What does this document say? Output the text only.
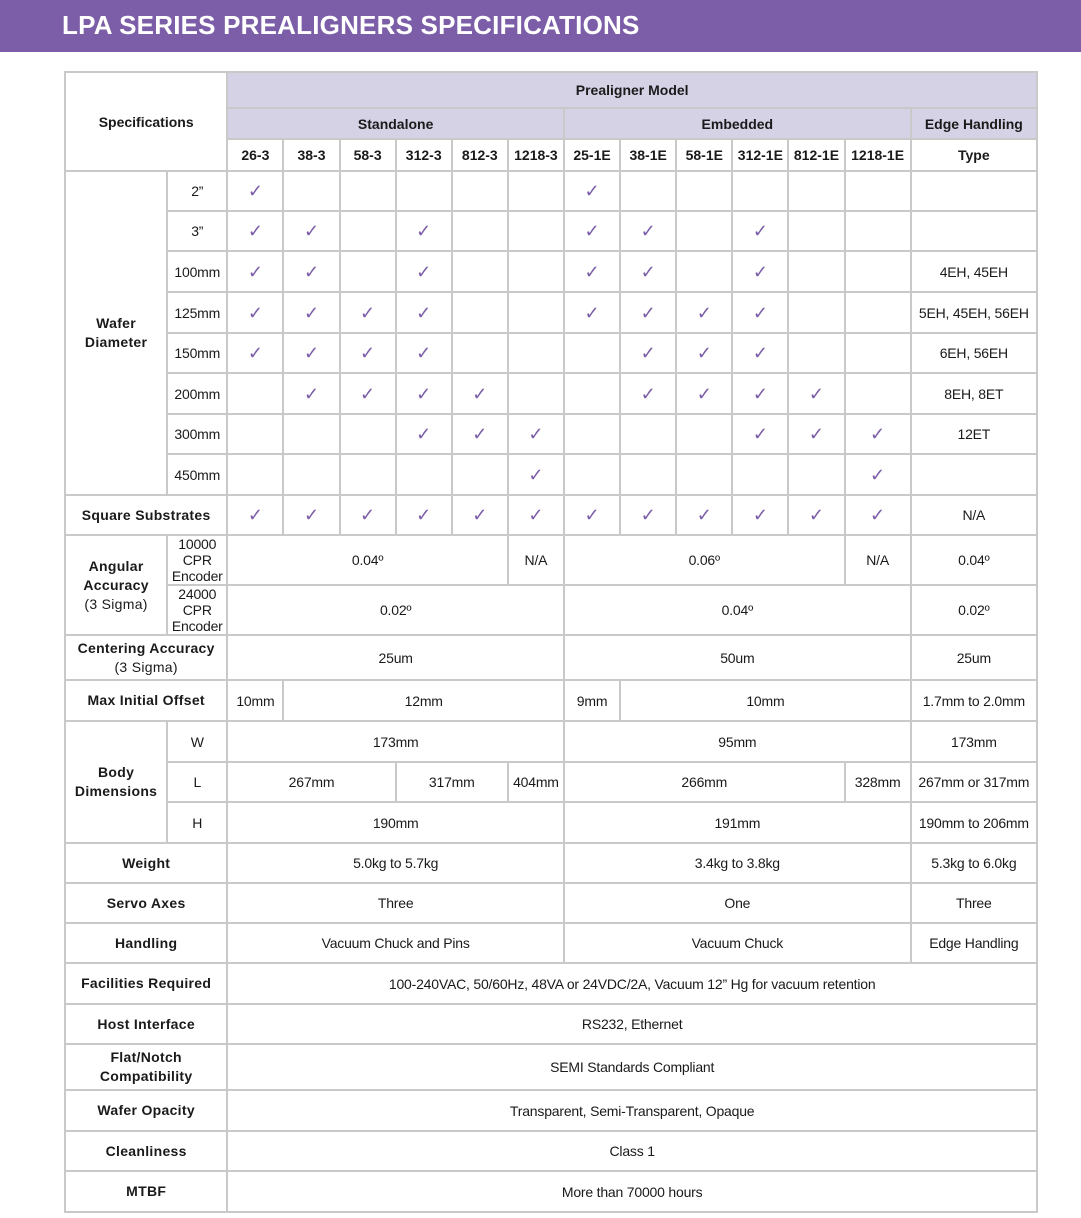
LPA SERIES PREALIGNERS SPECIFICATIONS
Specifications		Prealigner Model												
		Standalone						Embedded						Edge Handling
		26-3	38-3	58-3	312-3	812-3	1218-3	25-1E	38-1E	58-1E	312-1E	812-1E	1218-1E	Type
Wafer
Diameter	2”	✓						✓						
	3”	✓	✓		✓			✓	✓		✓			
	100mm	✓	✓		✓			✓	✓		✓			4EH, 45EH
	125mm	✓	✓	✓	✓			✓	✓	✓	✓			5EH, 45EH, 56EH
	150mm	✓	✓	✓	✓				✓	✓	✓			6EH, 56EH
	200mm		✓	✓	✓	✓			✓	✓	✓	✓		8EH, 8ET
	300mm				✓	✓	✓				✓	✓	✓	12ET
	450mm						✓						✓	
Square Substrates		✓	✓	✓	✓	✓	✓	✓	✓	✓	✓	✓	✓	N/A
Angular
Accuracy
(3 Sigma)	10000 CPR
Encoder	0.04º					N/A	0.06º					N/A	0.04º
	24000 CPR
Encoder	0.02º						0.04º						0.02º
Centering Accuracy
(3 Sigma)		25um						50um						25um
Max Initial Offset		10mm	12mm					9mm	10mm					1.7mm to 2.0mm
Body
Dimensions	W	173mm						95mm						173mm
	L	267mm			317mm		404mm	266mm					328mm	267mm or 317mm
	H	190mm						191mm						190mm to 206mm
Weight		5.0kg to 5.7kg						3.4kg to 3.8kg						5.3kg to 6.0kg
Servo Axes		Three						One						Three
Handling		Vacuum Chuck and Pins						Vacuum Chuck						Edge Handling
Facilities Required		100-240VAC, 50/60Hz, 48VA or 24VDC/2A, Vacuum 12” Hg for vacuum retention												
Host Interface		RS232, Ethernet												
Flat/Notch
Compatibility		SEMI Standards Compliant												
Wafer Opacity		Transparent, Semi-Transparent, Opaque												
Cleanliness		Class 1												
MTBF		More than 70000 hours												
